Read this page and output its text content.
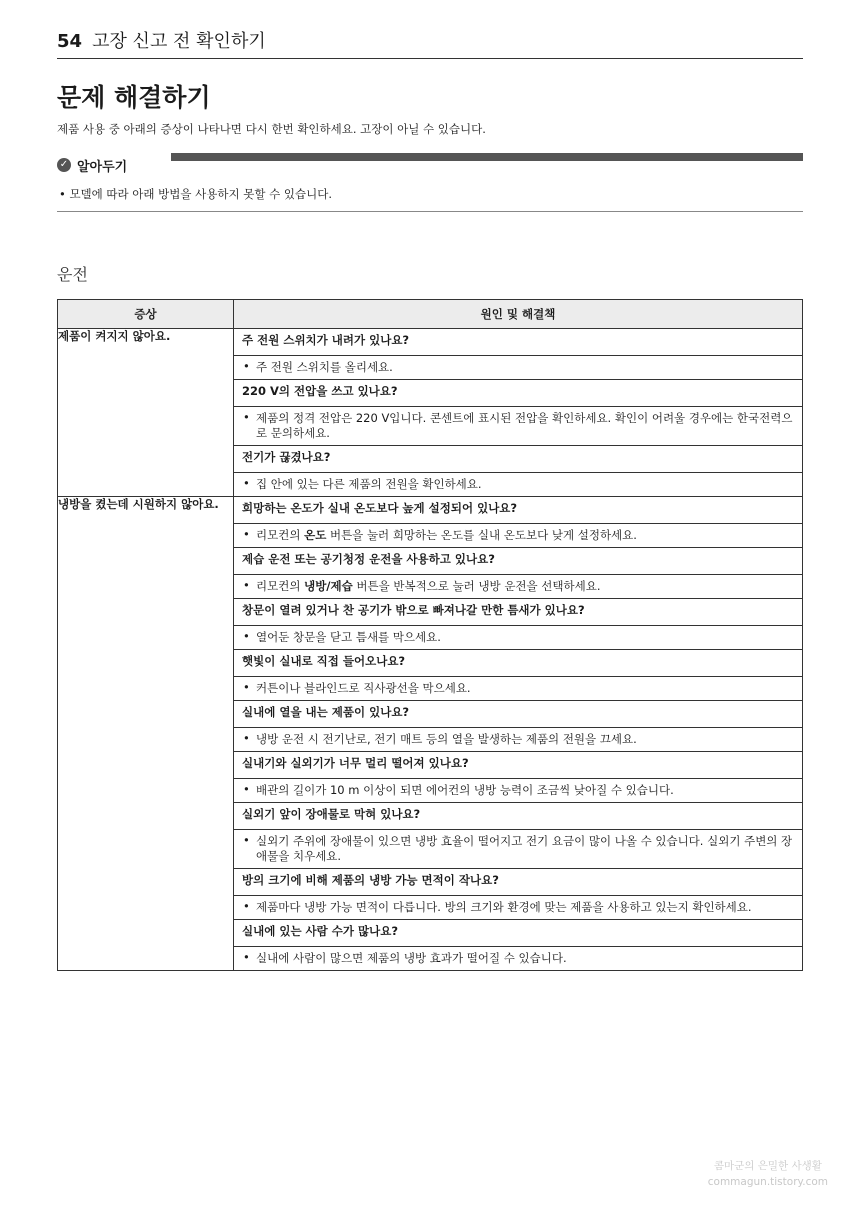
54 고장 신고 전 확인하기
문제 해결하기
제품 사용 중 아래의 증상이 나타나면 다시 한번 확인하세요. 고장이 아닐 수 있습니다.
✓ 알아두기
• 모델에 따라 아래 방법을 사용하지 못할 수 있습니다.
운전
증상	원인 및 해결책
제품이 켜지지 않아요.	주 전원 스위치가 내려가 있나요?
• 주 전원 스위치를 올리세요.

	220 V의 전압을 쓰고 있나요?
• 제품의 정격 전압은 220 V입니다. 콘센트에 표시된 전압을 확인하세요. 확인이 어려울 경우에는 한국전력으로 문의하세요.

	전기가 끊겼나요?
• 집 안에 있는 다른 제품의 전원을 확인하세요.

냉방을 켰는데 시원하지 않아요.	희망하는 온도가 실내 온도보다 높게 설정되어 있나요?
• 리모컨의 온도 버튼을 눌러 희망하는 온도를 실내 온도보다 낮게 설정하세요.

	제습 운전 또는 공기청정 운전을 사용하고 있나요?
• 리모컨의 냉방/제습 버튼을 반복적으로 눌러 냉방 운전을 선택하세요.

	창문이 열려 있거나 찬 공기가 밖으로 빠져나갈 만한 틈새가 있나요?
• 열어둔 창문을 닫고 틈새를 막으세요.

	햇빛이 실내로 직접 들어오나요?
• 커튼이나 블라인드로 직사광선을 막으세요.

	실내에 열을 내는 제품이 있나요?
• 냉방 운전 시 전기난로, 전기 매트 등의 열을 발생하는 제품의 전원을 끄세요.

	실내기와 실외기가 너무 멀리 떨어져 있나요?
• 배관의 길이가 10 m 이상이 되면 에어컨의 냉방 능력이 조금씩 낮아질 수 있습니다.

	실외기 앞이 장애물로 막혀 있나요?
• 실외기 주위에 장애물이 있으면 냉방 효율이 떨어지고 전기 요금이 많이 나올 수 있습니다. 실외기 주변의 장애물을 치우세요.

	방의 크기에 비해 제품의 냉방 가능 면적이 작나요?
• 제품마다 냉방 가능 면적이 다릅니다. 방의 크기와 환경에 맞는 제품을 사용하고 있는지 확인하세요.

	실내에 있는 사람 수가 많나요?
• 실내에 사람이 많으면 제품의 냉방 효과가 떨어질 수 있습니다.
콤마군의 은밀한 사생활
commagun.tistory.com
